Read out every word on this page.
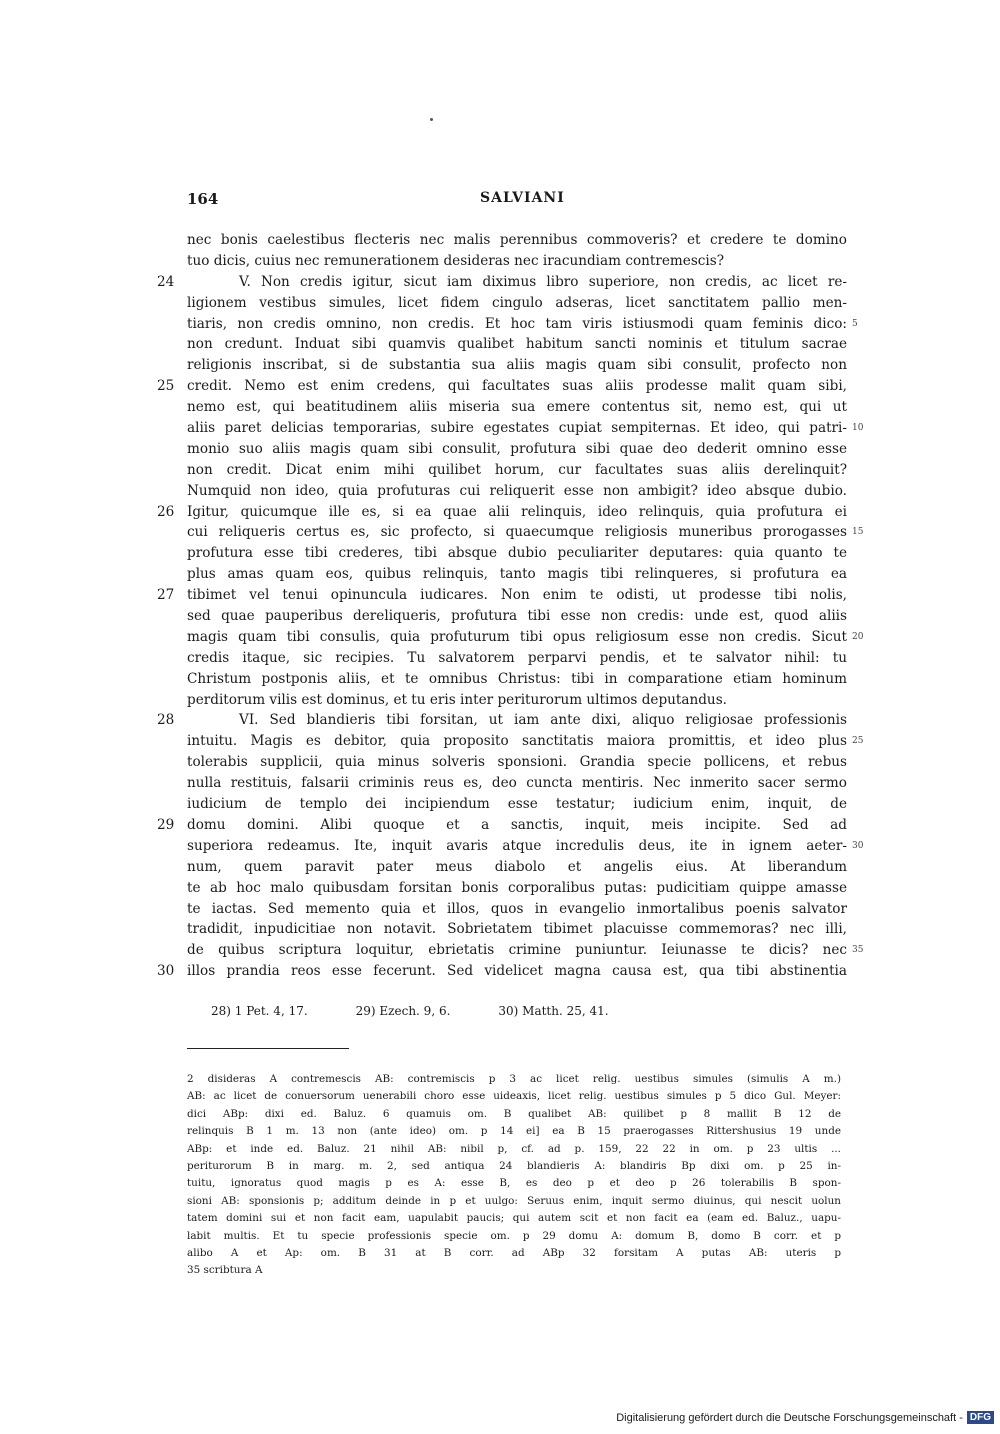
164	SALVIANI
nec bonis caelestibus flecteris nec malis perennibus commoveris? et credere te domino
tuo dicis, cuius nec remunerationem desideras nec iracundiam contremescis?
24	V. Non credis igitur, sicut iam diximus libro superiore, non credis, ac licet re-
ligionem vestibus simules, licet fidem cingulo adseras, licet sanctitatem pallio men-
tiaris, non credis omnino, non credis. Et hoc tam viris istiusmodi quam feminis dico: 5
non credunt. Induat sibi quamvis qualibet habitum sancti nominis et titulum sacrae
religionis inscribat, si de substantia sua aliis magis quam sibi consulit, profecto non
25 credit. Nemo est enim credens, qui facultates suas aliis prodesse malit quam sibi,
nemo est, qui beatitudinem aliis miseria sua emere contentus sit, nemo est, qui ut
aliis paret delicias temporarias, subire egestates cupiat sempiternas. Et ideo, qui patri- 10
monio suo aliis magis quam sibi consulit, profutura sibi quae deo dederit omnino esse
non credit. Dicat enim mihi quilibet horum, cur facultates suas aliis derelinquit?
Numquid non ideo, quia profuturas cui reliquerit esse non ambigit? ideo absque dubio.
26 Igitur, quicumque ille es, si ea quae alii relinquis, ideo relinquis, quia profutura ei
cui reliqueris certus es, sic profecto, si quaecumque religiosis muneribus prorogasses 15
profutura esse tibi crederes, tibi absque dubio peculiariter deputares: quia quanto te
plus amas quam eos, quibus relinquis, tanto magis tibi relinqueres, si profutura ea
27 tibimet vel tenui opinuncula iudicares. Non enim te odisti, ut prodesse tibi nolis,
sed quae pauperibus dereliqueris, profutura tibi esse non credis: unde est, quod aliis
magis quam tibi consulis, quia profuturum tibi opus religiosum esse non credis. Sicut 20
credis itaque, sic recipies. Tu salvatorem perparvi pendis, et te salvator nihil: tu
Christum postponis aliis, et te omnibus Christus: tibi in comparatione etiam hominum
perditorum vilis est dominus, et tu eris inter periturorum ultimos deputandus.
28	VI. Sed blandieris tibi forsitan, ut iam ante dixi, aliquo religiosae professionis
intuitu. Magis es debitor, quia proposito sanctitatis maiora promittis, et ideo plus 25
tolerabis supplicii, quia minus solveris sponsioni. Grandia specie pollicens, et rebus
nulla restituis, falsarii criminis reus es, deo cuncta mentiris. Nec inmerito sacer sermo
iudicium de templo dei incipiendum esse testatur; iudicium enim, inquit, de
29 domu domini. Alibi quoque et a sanctis, inquit, meis incipite. Sed ad
superiora redeamus. Ite, inquit avaris atque incredulis deus, ite in ignem aeter- 30
num, quem paravit pater meus diabolo et angelis eius. At liberandum
te ab hoc malo quibusdam forsitan bonis corporalibus putas: pudicitiam quippe amasse
te iactas. Sed memento quia et illos, quos in evangelio inmortalibus poenis salvator
tradidit, inpudicitiae non notavit. Sobrietatem tibimet placuisse commemoras? nec illi,
de quibus scriptura loquitur, ebrietatis crimine puniuntur. Ieiunasse te dicis? nec 35
30 illos prandia reos esse fecerunt. Sed videlicet magna causa est, qua tibi abstinentia
28) 1 Pet. 4, 17.	29) Ezech. 9, 6.	30) Matth. 25, 41.
2 disideras A contremescis AB: contremiscis p 3 ac licet relig. uestibus simules (simulis A m.)
AB: ac licet de conuersorum uenerabili choro esse uideaxis, licet relig. uestibus simules p 5 dico Gul. Meyer:
dici ABp: dixi ed. Baluz. 6 quamuis om. B qualibet AB: quilibet p 8 mallit B 12 de
relinquis B 1 m. 13 non (ante ideo) om. p 14 ei] ea B 15 praerogasses Rittershusius 19 unde
ABp: et inde ed. Baluz. 21 nihil AB: nibil p, cf. ad p. 159, 22 22 in om. p 23 ultis ...
periturorum B in marg. m. 2, sed antiqua 24 blandieris A: blandiris Bp dixi om. p 25 in-
tuitu, ignoratus quod magis p es A: esse B, es deo p et deo p 26 tolerabilis B spon-
sioni AB: sponsionis p; additum deinde in p et uulgo: Seruus enim, inquit sermo diuinus, qui nescit uolun
tatem domini sui et non facit eam, uapulabit paucis; qui autem scit et non facit ea (eam ed. Baluz., uapu-
labit multis. Et tu specie professionis specie om. p 29 domu A: domum B, domo B corr. et p
alibo A et Ap: om. B 31 at B corr. ad ABp 32 forsitam A putas AB: uteris p
35 scribtura A
Digitalisierung gefördert durch die Deutsche Forschungsgemeinschaft - DFG
